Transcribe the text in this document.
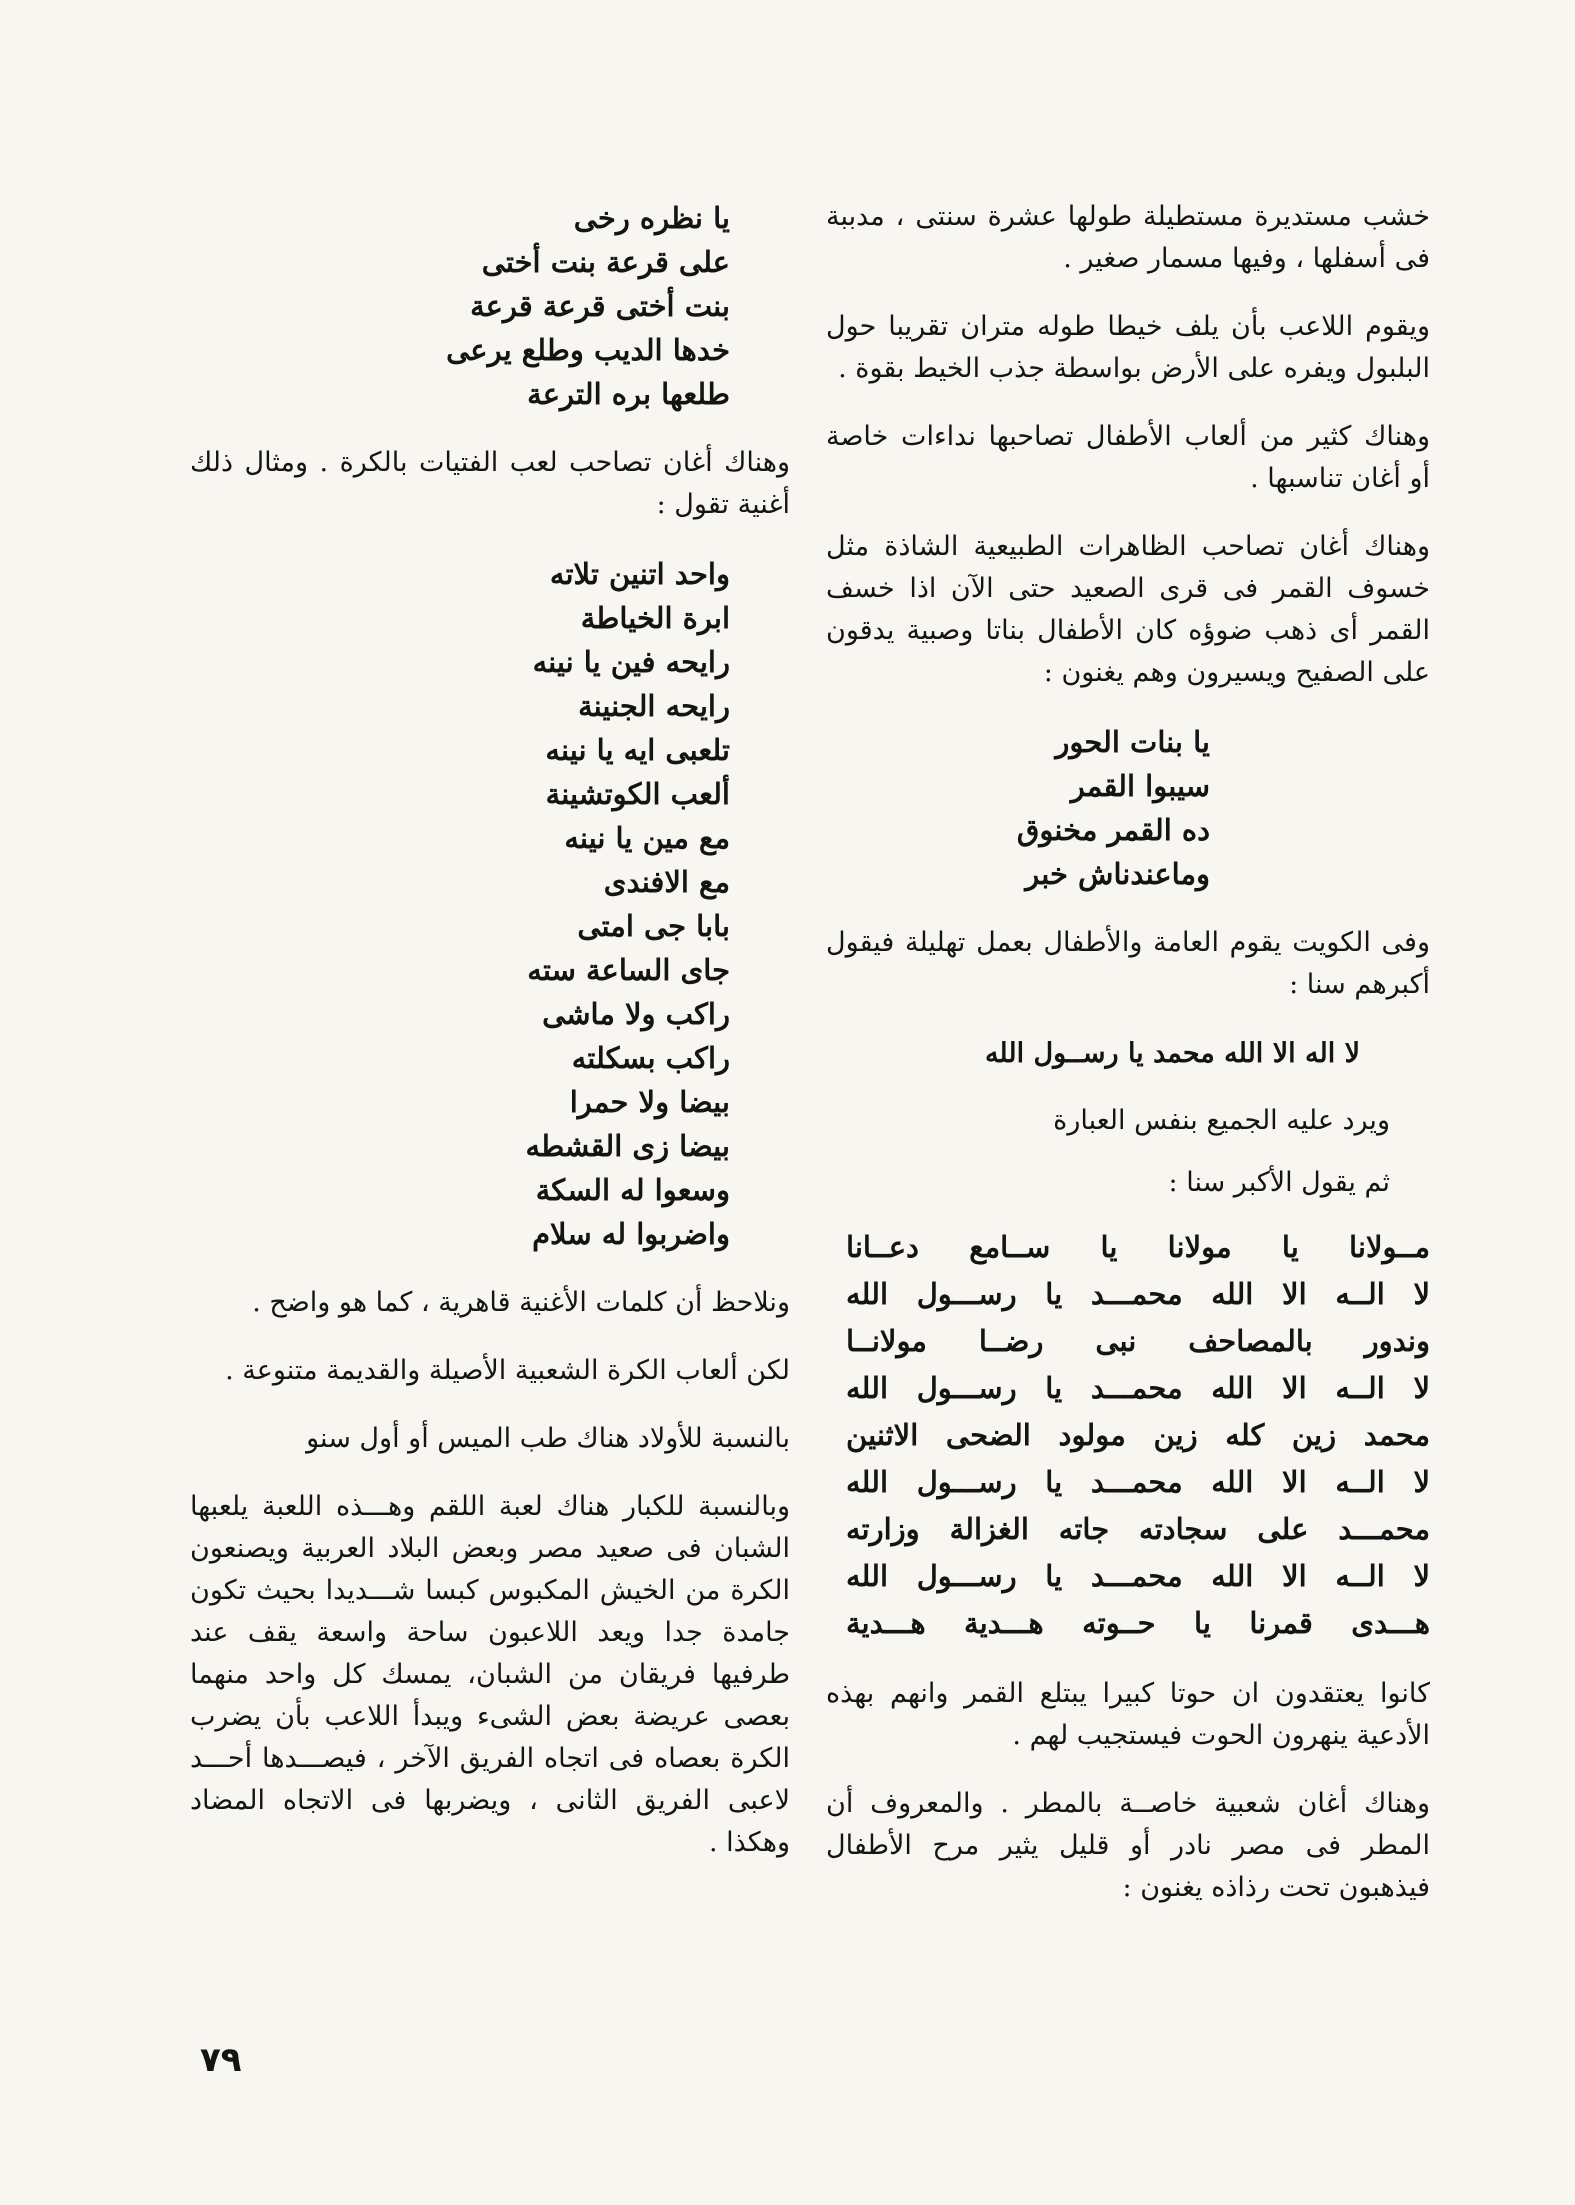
خشب مستديرة مستطيلة طولها عشرة سنتى ، مدببة فى أسفلها ، وفيها مسمار صغير .

ويقوم اللاعب بأن يلف خيطا طوله متران تقريبا حول البلبول ويفره على الأرض بواسطة جذب الخيط بقوة .

وهناك كثير من ألعاب الأطفال تصاحبها نداءات خاصة أو أغان تناسبها .

وهناك أغان تصاحب الظاهرات الطبيعية الشاذة مثل خسوف القمر فى قرى الصعيد حتى الآن اذا خسف القمر أى ذهب ضوؤه كان الأطفال بناتا وصبية يدقون على الصفيح ويسيرون وهم يغنون :

يا بنات الحور

سيبوا القمر

ده القمر مخنوق

وماعندناش خبر

وفى الكويت يقوم العامة والأطفال بعمل تهليلة فيقول أكبرهم سنا :

لا اله الا الله محمد يا رســول الله

ويرد عليه الجميع بنفس العبارة

ثم يقول الأكبر سنا :

مــولانا يا مولانا يا ســامع دعــانا
لا الــه الا الله محمـــد يا رســـول الله
وندور بالمصاحف نبى رضــا مولانــا
لا الــه الا الله محمـــد يا رســـول الله
محمد زين كله زين مولود الضحى الاثنين
لا الــه الا الله محمـــد يا رســـول الله
محمـــد على سجادته جاته الغزالة وزارته
لا الــه الا الله محمـــد يا رســـول الله
هـــدى قمرنا يا حــوته هـــدية هـــدية

كانوا يعتقدون ان حوتا كبيرا يبتلع القمر وانهم بهذه الأدعية ينهرون الحوت فيستجيب لهم .

وهناك أغان شعبية خاصــة بالمطر . والمعروف أن المطر فى مصر نادر أو قليل يثير مرح الأطفال فيذهبون تحت رذاذه يغنون :

يا نظره رخى

على قرعة بنت أختى

بنت أختى قرعة قرعة

خدها الديب وطلع يرعى

طلعها بره الترعة

وهناك أغان تصاحب لعب الفتيات بالكرة . ومثال ذلك أغنية تقول :

واحد اتنين تلاته

ابرة الخياطة

رايحه فين يا نينه

رايحه الجنينة

تلعبى ايه يا نينه

ألعب الكوتشينة

مع مين يا نينه

مع الافندى

بابا جى امتى

جاى الساعة سته

راكب ولا ماشى

راكب بسكلته

بيضا ولا حمرا

بيضا زى القشطه

وسعوا له السكة

واضربوا له سلام

ونلاحظ أن كلمات الأغنية قاهرية ، كما هو واضح .

لكن ألعاب الكرة الشعبية الأصيلة والقديمة متنوعة .

بالنسبة للأولاد هناك طب الميس أو أول سنو

وبالنسبة للكبار هناك لعبة اللقم وهـــذه اللعبة يلعبها الشبان فى صعيد مصر وبعض البلاد العربية ويصنعون الكرة من الخيش المكبوس كبسا شـــديدا بحيث تكون جامدة جدا ويعد اللاعبون ساحة واسعة يقف عند طرفيها فريقان من الشبان، يمسك كل واحد منهما بعصى عريضة بعض الشىء ويبدأ اللاعب بأن يضرب الكرة بعصاه فى اتجاه الفريق الآخر ، فيصـــدها أحـــد لاعبى الفريق الثانى ، ويضربها فى الاتجاه المضاد وهكذا .

٧٩
